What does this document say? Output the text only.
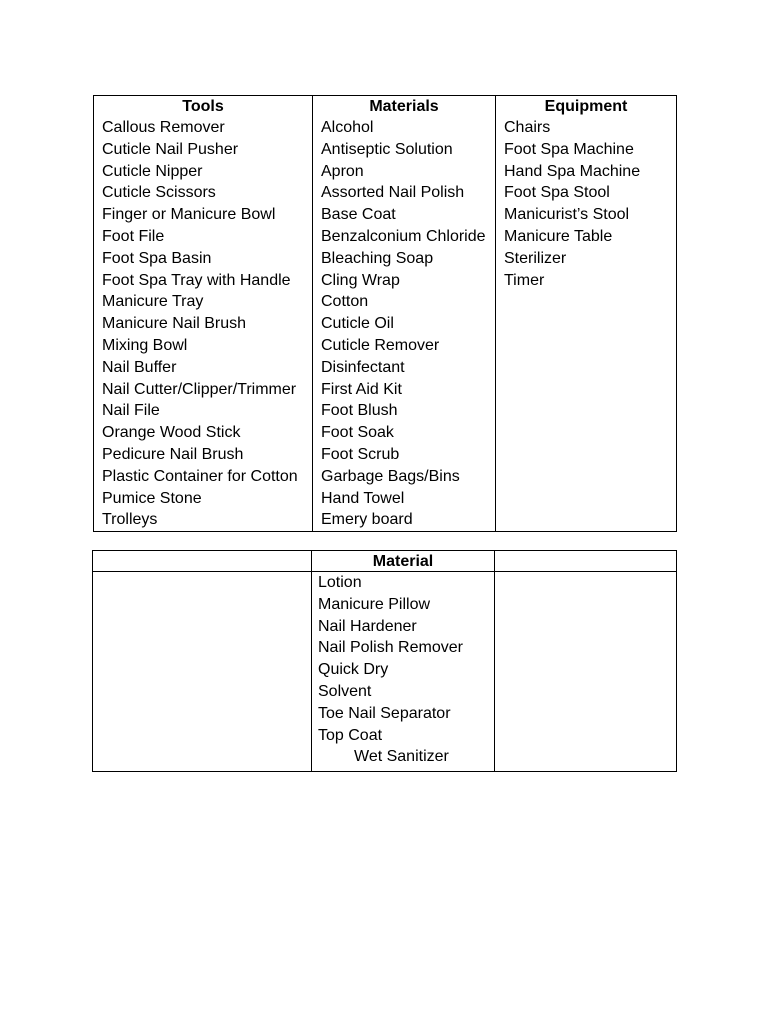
Tools
Callous Remover
Cuticle Nail Pusher
Cuticle Nipper
Cuticle Scissors
Finger or Manicure Bowl
Foot File
Foot Spa Basin
Foot Spa Tray with Handle
Manicure Tray
Manicure Nail Brush
Mixing Bowl
Nail Buffer
Nail Cutter/Clipper/Trimmer
Nail File
Orange Wood Stick
Pedicure Nail Brush
Plastic Container for Cotton
Pumice Stone
Trolleys
Materials
Alcohol
Antiseptic Solution
Apron
Assorted Nail Polish
Base Coat
Benzalconium Chloride
Bleaching Soap
Cling Wrap
Cotton
Cuticle Oil
Cuticle Remover
Disinfectant
First Aid Kit
Foot Blush
Foot Soak
Foot Scrub
Garbage Bags/Bins
Hand Towel
Emery board
Equipment
Chairs
Foot Spa Machine
Hand Spa Machine
Foot Spa Stool
Manicurist’s Stool
Manicure Table
Sterilizer
Timer
Material
Lotion
Manicure Pillow
Nail Hardener
Nail Polish Remover
Quick Dry
Solvent
Toe Nail Separator
Top Coat
Wet Sanitizer
